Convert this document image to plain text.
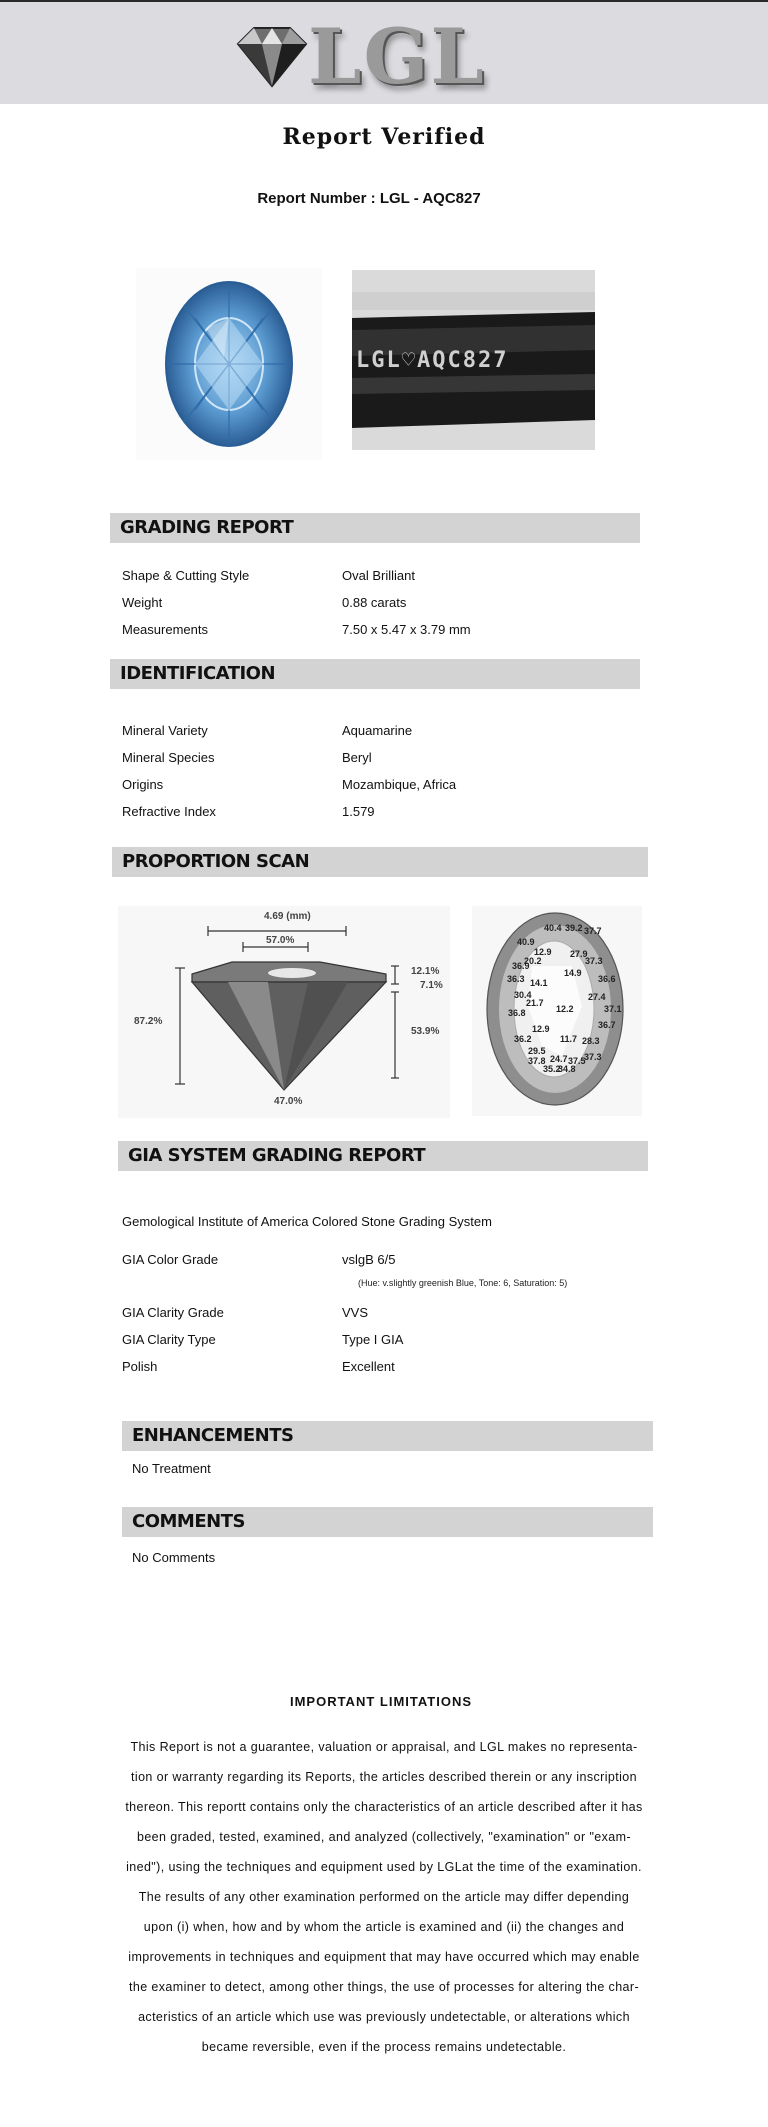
LGL
Report Verified
Report Number : LGL - AQC827
LGL♡AQC827
GRADING REPORT
Shape & Cutting Style	Oval Brilliant
Weight	0.88 carats
Measurements	7.50 x 5.47 x 3.79 mm
IDENTIFICATION
Mineral Variety	Aquamarine
Mineral Species	Beryl
Origins	Mozambique, Africa
Refractive Index	1.579
PROPORTION SCAN
4.69 (mm)
57.0%
12.1%
7.1%
53.9%
87.2%
47.0%
40.4 39.2 37.7
40.9
12.9
37.3
36.9
20.2
27.9
36.3 14.1
14.9
36.6
30.4	27.4
21.7
37.1
36.8	12.2
12.9	36.7
36.2	28.3
29.5
11.7
37.3
37.8 24.7 37.5
35.2
34.8
GIA SYSTEM GRADING REPORT
Gemological Institute of America Colored Stone Grading System
GIA Color Grade	vslgB 6/5
(Hue: v.slightly greenish Blue, Tone: 6, Saturation: 5)
GIA Clarity Grade	VVS
GIA Clarity Type	Type I GIA
Polish	Excellent
ENHANCEMENTS
No Treatment
COMMENTS
No Comments
IMPORTANT LIMITATIONS
This Report is not a guarantee, valuation or appraisal, and LGL makes no representa-
tion or warranty regarding its Reports, the articles described therein or any inscription
thereon. This reportt contains only the characteristics of an article described after it has
been graded, tested, examined, and analyzed (collectively, "examination" or "exam-
ined"), using the techniques and equipment used by LGLat the time of the examination.
The results of any other examination performed on the article may differ depending
upon (i) when, how and by whom the article is examined and (ii) the changes and
improvements in techniques and equipment that may have occurred which may enable
the examiner to detect, among other things, the use of processes for altering the char-
acteristics of an article which use was previously undetectable, or alterations which
became reversible, even if the process remains undetectable.
